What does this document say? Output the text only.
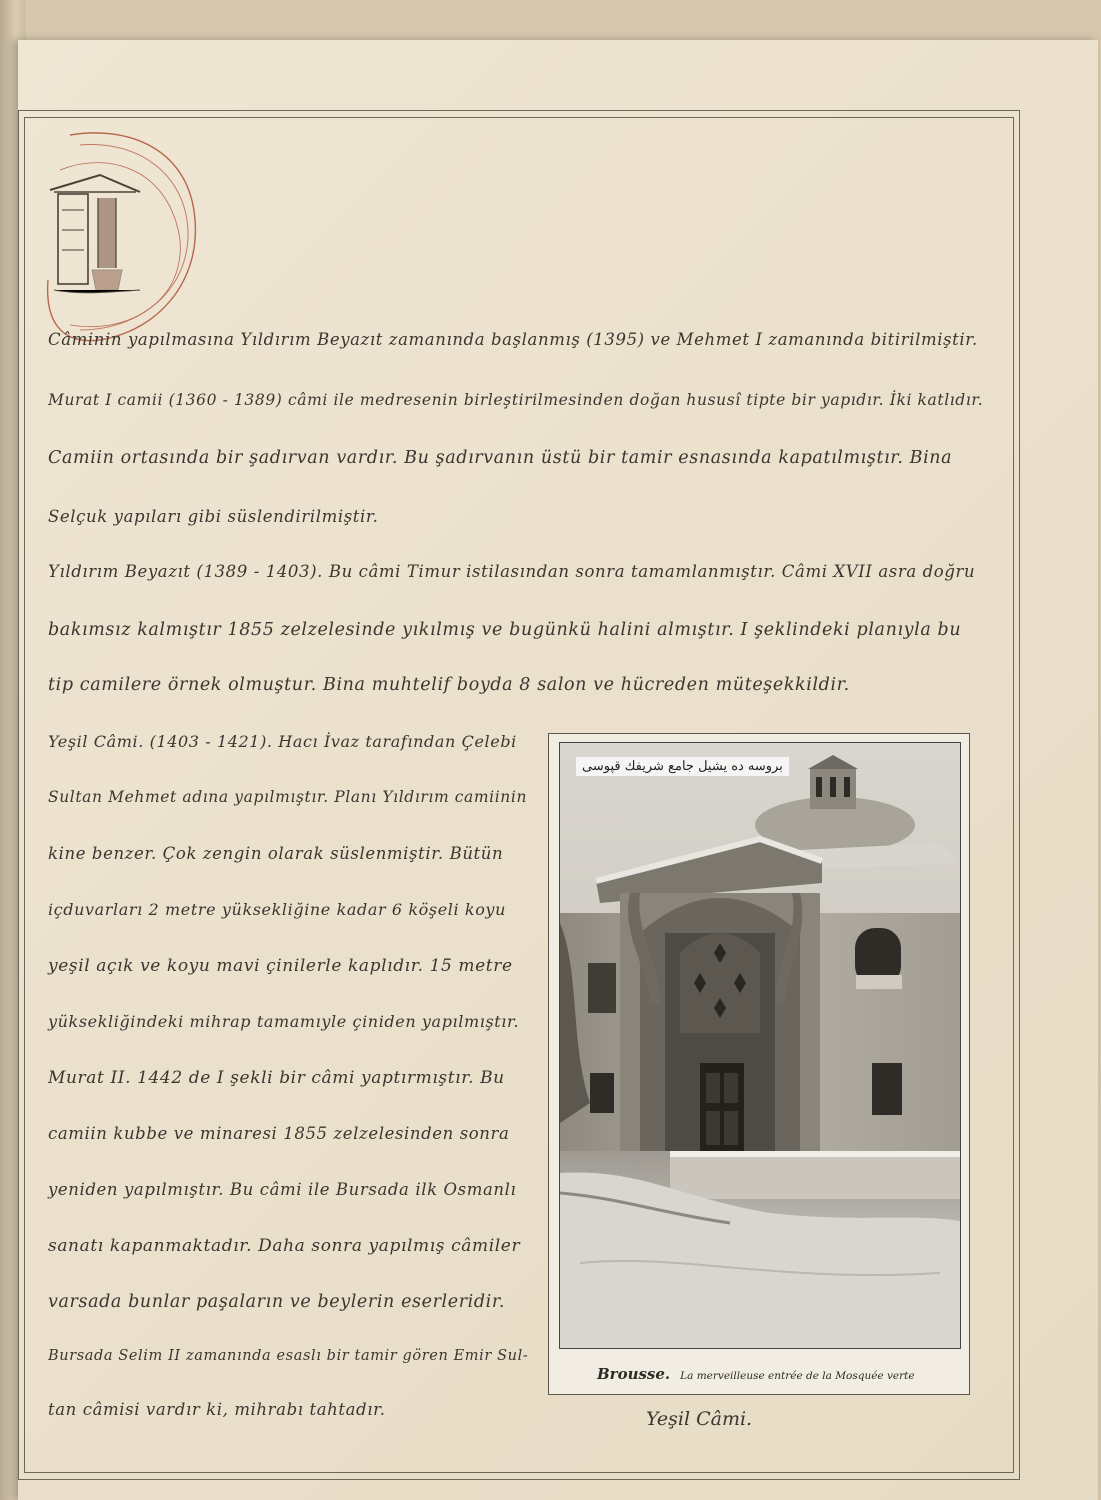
Câminin yapılmasına Yıldırım Beyazıt zamanında başlanmış (1395) ve Mehmet I zamanında bitirilmiştir.
Murat I camii (1360 - 1389) câmi ile medresenin birleştirilmesinden doğan hususî tipte bir yapıdır. İki katlıdır.
Camiin ortasında bir şadırvan vardır. Bu şadırvanın üstü bir tamir esnasında kapatılmıştır. Bina
Selçuk yapıları gibi süslendirilmiştir.
Yıldırım Beyazıt (1389 - 1403). Bu câmi Timur istilasından sonra tamamlanmıştır. Câmi XVII asra doğru
bakımsız kalmıştır 1855 zelzelesinde yıkılmış ve bugünkü halini almıştır. I şeklindeki planıyla bu
tip camilere örnek olmuştur. Bina muhtelif boyda 8 salon ve hücreden müteşekkildir.
Yeşil Câmi. (1403 - 1421). Hacı İvaz tarafından Çelebi
Sultan Mehmet adına yapılmıştır. Planı Yıldırım camiinin
kine benzer. Çok zengin olarak süslenmiştir. Bütün
içduvarları 2 metre yüksekliğine kadar 6 köşeli koyu
yeşil açık ve koyu mavi çinilerle kaplıdır. 15 metre
yüksekliğindeki mihrap tamamıyle çiniden yapılmıştır.
Murat II. 1442 de I şekli bir câmi yaptırmıştır. Bu
camiin kubbe ve minaresi 1855 zelzelesinden sonra
yeniden yapılmıştır. Bu câmi ile Bursada ilk Osmanlı
sanatı kapanmaktadır. Daha sonra yapılmış câmiler
varsada bunlar paşaların ve beylerin eserleridir.
Bursada Selim II zamanında esaslı bir tamir gören Emir Sul-
tan câmisi vardır ki, mihrabı tahtadır.
بروسه ده یشیل جامع شریفك قپوسی
Brousse. La merveilleuse entrée de la Mosquée verte
Yeşil Câmi.
